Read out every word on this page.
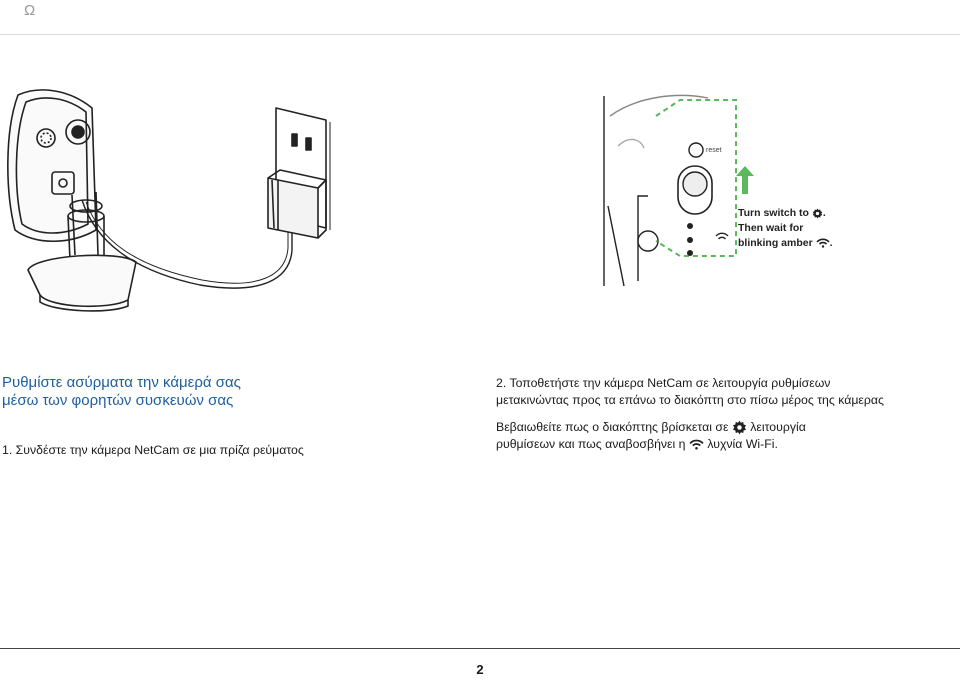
Ω
reset
Turn switch to .
Then wait for
blinking amber .
Ρυθμίστε ασύρματα την κάμερά σας
μέσω των φορητών συσκευών σας
1. Συνδέστε την κάμερα NetCam σε μια πρίζα ρεύματος
2. Τοποθετήστε την κάμερα NetCam σε λειτουργία ρυθμίσεων
μετακινώντας προς τα επάνω το διακόπτη στο πίσω μέρος της κάμερας
Βεβαιωθείτε πως ο διακόπτης βρίσκεται σε λειτουργία
ρυθμίσεων και πως αναβοσβήνει η λυχνία Wi-Fi.
2
